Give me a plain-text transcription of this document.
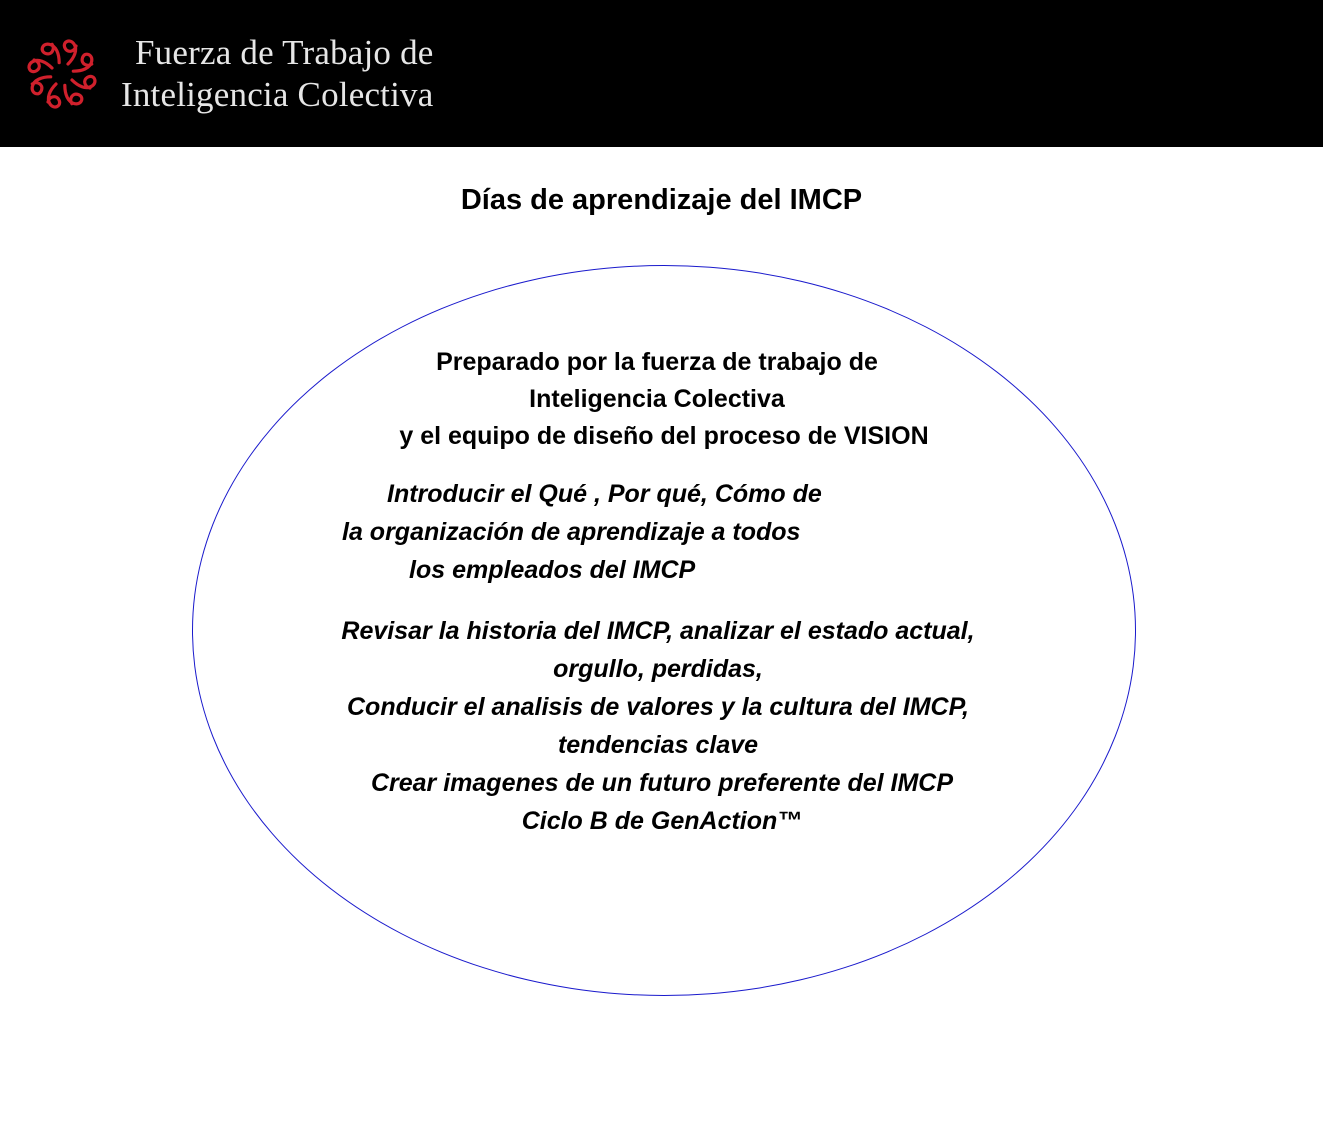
Fuerza de Trabajo de
Inteligencia Colectiva
Días de aprendizaje del IMCP
Preparado por la fuerza de trabajo de
Inteligencia Colectiva
y el equipo de diseño del proceso de VISION
Introducir el Qué , Por qué, Cómo de
la organización de aprendizaje a todos
los empleados del IMCP
Revisar la historia del IMCP, analizar el estado actual,
orgullo, perdidas,
Conducir el analisis de valores y la cultura del IMCP,
tendencias clave
Crear imagenes de un futuro preferente del IMCP
Ciclo B de GenAction™
